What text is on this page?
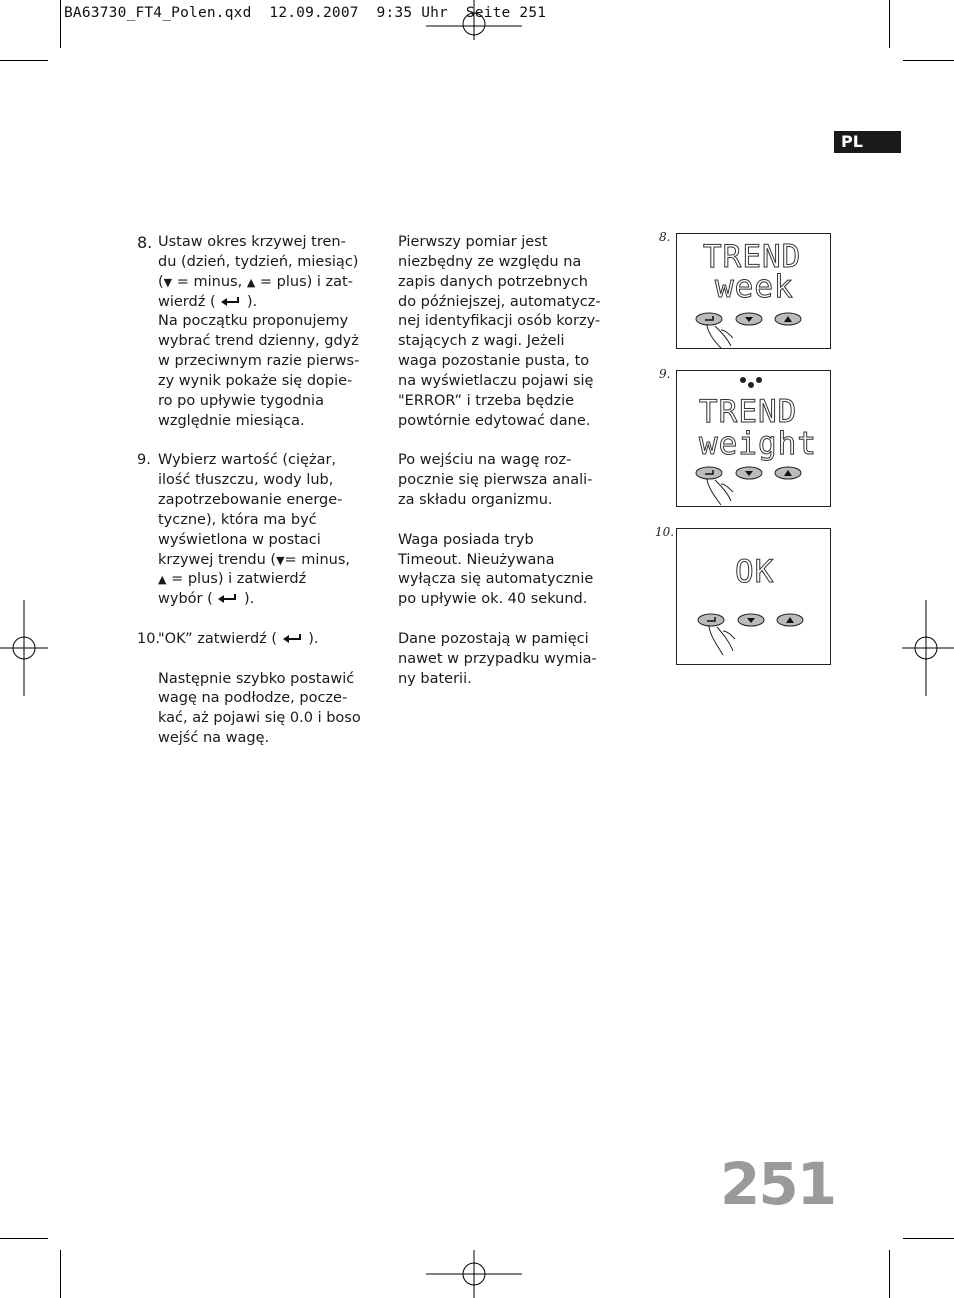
BA63730_FT4_Polen.qxd  12.09.2007  9:35 Uhr  Seite 251
PL
8. Ustaw okres krzywej tren-

du (dzień, tydzień, miesiąc)

(▼ = minus, ▲ = plus) i zat-

wierdź (  ).

Na początku proponujemy

wybrać trend dzienny, gdyż

w przeciwnym razie pierws-

zy wynik pokaże się dopie-

ro po upływie tygodnia

względnie miesiąca.

9. Wybierz wartość (ciężar,

ilość tłuszczu, wody lub,

zapotrzebowanie energe-

tyczne), która ma być

wyświetlona w postaci

krzywej trendu (▼= minus,

▲ = plus) i zatwierdź

wybór (  ).

10.

"OK” zatwierdź (  ).

Następnie szybko postawić

wagę na podłodze, pocze-

kać, aż pojawi się 0.0 i boso

wejść na wagę.

Pierwszy pomiar jest

niezbędny ze względu na

zapis danych potrzebnych

do późniejszej, automatycz-

nej identyfikacji osób korzy-

stających z wagi. Jeżeli

waga pozostanie pusta, to

na wyświetlaczu pojawi się

"ERROR” i trzeba będzie

powtórnie edytować dane.

Po wejściu na wagę roz-

pocznie się pierwsza anali-

za składu organizmu.

Waga posiada tryb

Timeout. Nieużywana

wyłącza się automatycznie

po upływie ok. 40 sekund.

Dane pozostają w pamięci

nawet w przypadku wymia-

ny baterii.

8.
TREND
week
9.
TREND
weight
10.
OK
251
